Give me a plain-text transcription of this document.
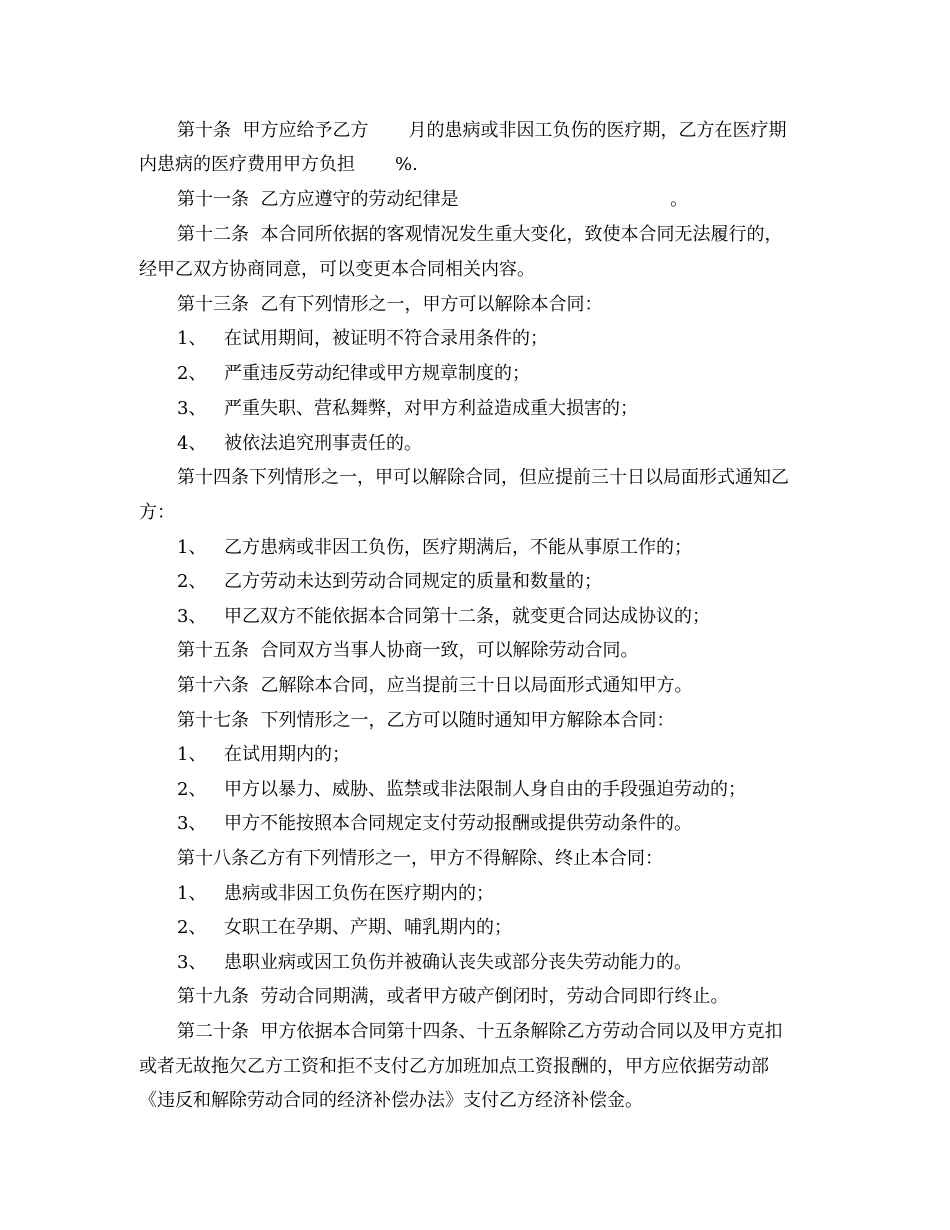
第十条  甲方应给予乙方       月的患病或非因工负伤的医疗期，乙方在医疗期
内患病的医疗费用甲方负担       %.
第十一条  乙方应遵守的劳动纪律是                                     。
第十二条  本合同所依据的客观情况发生重大变化，致使本合同无法履行的，
经甲乙双方协商同意，可以变更本合同相关内容。
第十三条  乙有下列情形之一，甲方可以解除本合同：
1、 在试用期间，被证明不符合录用条件的；
2、 严重违反劳动纪律或甲方规章制度的；
3、 严重失职、营私舞弊，对甲方利益造成重大损害的；
4、 被依法追究刑事责任的。
第十四条下列情形之一，甲可以解除合同，但应提前三十日以局面形式通知乙
方：
1、 乙方患病或非因工负伤，医疗期满后，不能从事原工作的；
2、 乙方劳动未达到劳动合同规定的质量和数量的；
3、 甲乙双方不能依据本合同第十二条，就变更合同达成协议的；
第十五条  合同双方当事人协商一致，可以解除劳动合同。
第十六条  乙解除本合同，应当提前三十日以局面形式通知甲方。
第十七条  下列情形之一，乙方可以随时通知甲方解除本合同：
1、 在试用期内的；
2、 甲方以暴力、威胁、监禁或非法限制人身自由的手段强迫劳动的；
3、 甲方不能按照本合同规定支付劳动报酬或提供劳动条件的。
第十八条乙方有下列情形之一，甲方不得解除、终止本合同：
1、 患病或非因工负伤在医疗期内的；
2、 女职工在孕期、产期、哺乳期内的；
3、 患职业病或因工负伤并被确认丧失或部分丧失劳动能力的。
第十九条  劳动合同期满，或者甲方破产倒闭时，劳动合同即行终止。
第二十条  甲方依据本合同第十四条、十五条解除乙方劳动合同以及甲方克扣
或者无故拖欠乙方工资和拒不支付乙方加班加点工资报酬的，甲方应依据劳动部
《违反和解除劳动合同的经济补偿办法》支付乙方经济补偿金。
